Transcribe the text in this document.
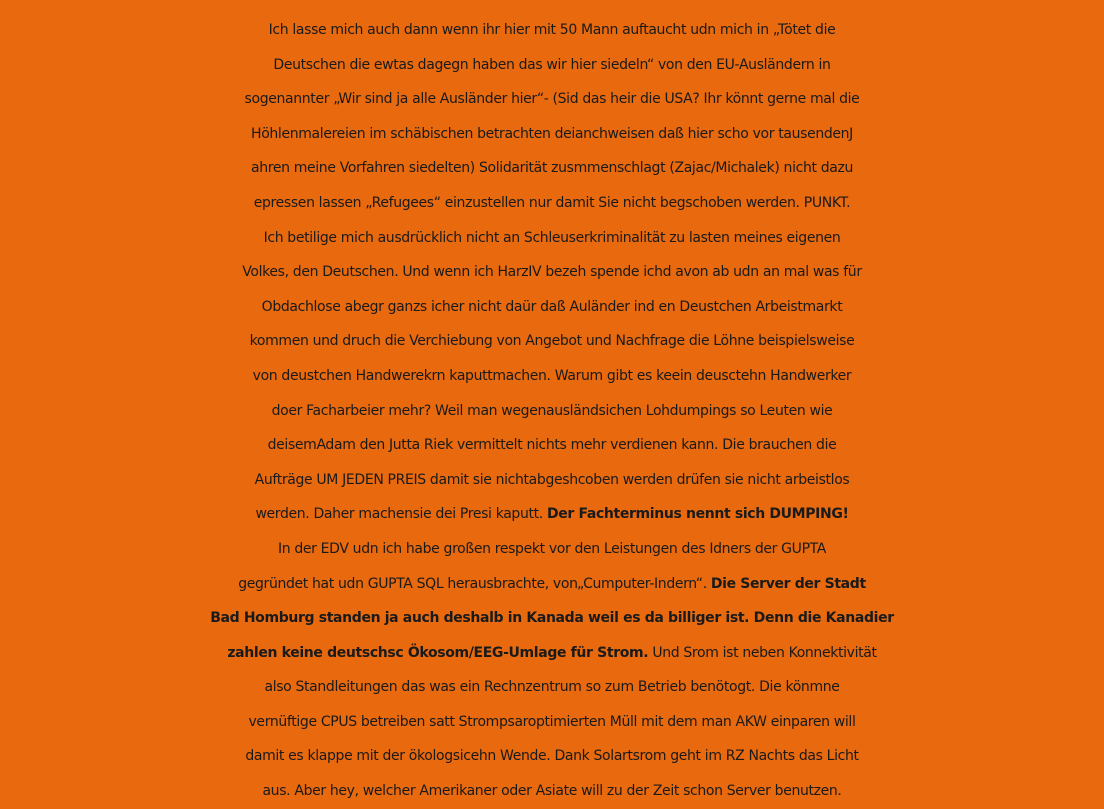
Ich lasse mich auch dann wenn ihr hier mit 50 Mann auftaucht udn mich in „Tötet die
Deutschen die ewtas dagegn haben das wir hier siedeln“ von den EU-Ausländern in
sogenannter „Wir sind ja alle Ausländer hier“- (Sid das heir die USA? Ihr könnt gerne mal die
Höhlenmalereien im schäbischen betrachten deianchweisen daß hier scho vor tausendenJ
ahren meine Vorfahren siedelten) Solidarität zusmmenschlagt (Zajac/Michalek) nicht dazu
epressen lassen „Refugees“ einzustellen nur damit Sie nicht begschoben werden. PUNKT.
Ich betilige mich ausdrücklich nicht an Schleuserkriminalität zu lasten meines eigenen
Volkes, den Deutschen. Und wenn ich HarzIV bezeh spende ichd avon ab udn an mal was für
Obdachlose abegr ganzs icher nicht daür daß Auländer ind en Deustchen Arbeistmarkt
kommen und druch die Verchiebung von Angebot und Nachfrage die Löhne beispielsweise
von deustchen Handwerekrn kaputtmachen. Warum gibt es keein deusctehn Handwerker
doer Facharbeier mehr? Weil man wegenausländsichen Lohdumpings so Leuten wie
deisemAdam den Jutta Riek vermittelt nichts mehr verdienen kann. Die brauchen die
Aufträge UM JEDEN PREIS damit sie nichtabgeshcoben werden drüfen sie nicht arbeistlos
werden. Daher machensie dei Presi kaputt. Der Fachterminus nennt sich DUMPING!
In der EDV udn ich habe großen respekt vor den Leistungen des Idners der GUPTA
gegründet hat udn GUPTA SQL herausbrachte, von„Cumputer-Indern“. Die Server der Stadt
Bad Homburg standen ja auch deshalb in Kanada weil es da billiger ist. Denn die Kanadier
zahlen keine deutschsc Ökosom/EEG-Umlage für Strom. Und Srom ist neben Konnektivität
also Standleitungen das was ein Rechnzentrum so zum Betrieb benötogt. Die könmne
vernüftige CPUS betreiben satt Strompsaroptimierten Müll mit dem man AKW einparen will
damit es klappe mit der ökologsicehn Wende. Dank Solartsrom geht im RZ Nachts das Licht
aus. Aber hey, welcher Amerikaner oder Asiate will zu der Zeit schon Server benutzen.
